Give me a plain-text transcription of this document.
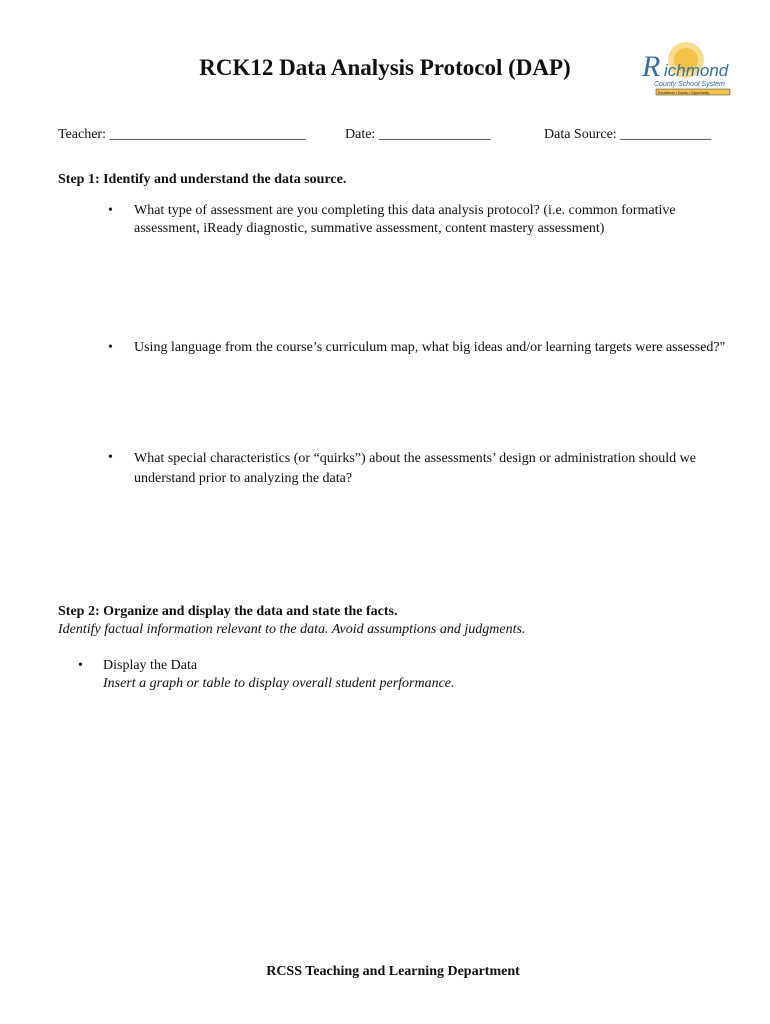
RCK12 Data Analysis Protocol (DAP)	R ichmond
County School System
Excellence • Equity • Opportunity
Teacher: ____________________________	Date: ________________	Data Source: _____________

Step 1: Identify and understand the data source.

• What type of assessment are you completing this data analysis protocol? (i.e. common formative assessment, iReady diagnostic, summative assessment, content mastery assessment)
• Using language from the course’s curriculum map, what big ideas and/or learning targets were assessed?"
• What special characteristics (or “quirks”) about the assessments’ design or administration should we understand prior to analyzing the data?

Step 2: Organize and display the data and state the facts.

Identify factual information relevant to the data. Avoid assumptions and judgments.

• Display the Data
Insert a graph or table to display overall student performance.
RCSS Teaching and Learning Department
